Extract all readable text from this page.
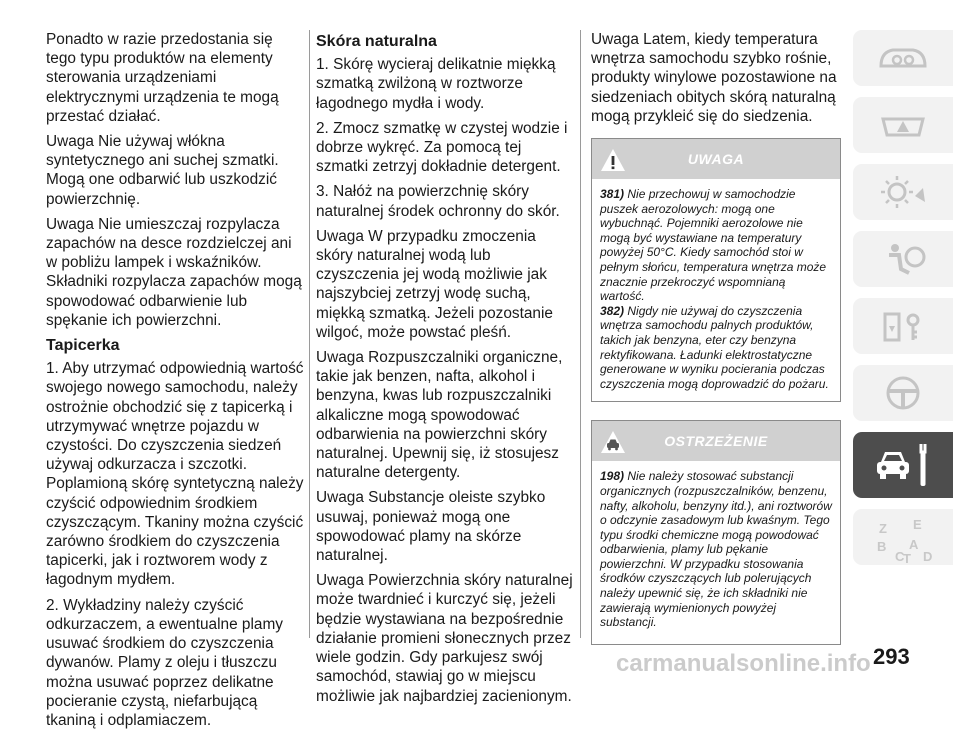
Ponadto w razie przedostania się tego typu produktów na elementy sterowania urządzeniami elektrycznymi urządzenia te mogą przestać działać.

Uwaga Nie używaj włókna syntetycznego ani suchej szmatki. Mogą one odbarwić lub uszkodzić powierzchnię.

Uwaga Nie umieszczaj rozpylacza zapachów na desce rozdzielczej ani w pobliżu lampek i wskaźników. Składniki rozpylacza zapachów mogą spowodować odbarwienie lub spękanie ich powierzchni.

Tapicerka

1. Aby utrzymać odpowiednią wartość swojego nowego samochodu, należy ostrożnie obchodzić się z tapicerką i utrzymywać wnętrze pojazdu w czystości. Do czyszczenia siedzeń używaj odkurzacza i szczotki. Poplamioną skórę syntetyczną należy czyścić odpowiednim środkiem czyszczącym. Tkaniny można czyścić zarówno środkiem do czyszczenia tapicerki, jak i roztworem wody z łagodnym mydłem.

2. Wykładziny należy czyścić odkurzaczem, a ewentualne plamy usuwać środkiem do czyszczenia dywanów. Plamy z oleju i tłuszczu można usuwać poprzez delikatne pocieranie czystą, niefarbującą tkaniną i odplamiaczem.

Skóra naturalna

1. Skórę wycieraj delikatnie miękką szmatką zwilżoną w roztworze łagodnego mydła i wody.

2. Zmocz szmatkę w czystej wodzie i dobrze wykręć. Za pomocą tej szmatki zetrzyj dokładnie detergent.

3. Nałóż na powierzchnię skóry naturalnej środek ochronny do skór.

Uwaga W przypadku zmoczenia skóry naturalnej wodą lub czyszczenia jej wodą możliwie jak najszybciej zetrzyj wodę suchą, miękką szmatką. Jeżeli pozostanie wilgoć, może powstać pleśń.

Uwaga Rozpuszczalniki organiczne, takie jak benzen, nafta, alkohol i benzyna, kwas lub rozpuszczalniki alkaliczne mogą spowodować odbarwienia na powierzchni skóry naturalnej. Upewnij się, iż stosujesz naturalne detergenty.

Uwaga Substancje oleiste szybko usuwaj, ponieważ mogą one spowodować plamy na skórze naturalnej.

Uwaga Powierzchnia skóry naturalnej może twardnieć i kurczyć się, jeżeli będzie wystawiana na bezpośrednie działanie promieni słonecznych przez wiele godzin. Gdy parkujesz swój samochód, stawiaj go w miejscu możliwie jak najbardziej zacienionym.

Uwaga Latem, kiedy temperatura wnętrza samochodu szybko rośnie, produkty winylowe pozostawione na siedzeniach obitych skórą naturalną mogą przykleić się do siedzenia.

UWAGA

381) Nie przechowuj w samochodzie puszek aerozolowych: mogą one wybuchnąć. Pojemniki aerozolowe nie mogą być wystawiane na temperatury powyżej 50°C. Kiedy samochód stoi w pełnym słońcu, temperatura wnętrza może znacznie przekroczyć wspomnianą wartość.

382) Nigdy nie używaj do czyszczenia wnętrza samochodu palnych produktów, takich jak benzyna, eter czy benzyna rektyfikowana. Ładunki elektrostatyczne generowane w wyniku pocierania podczas czyszczenia mogą doprowadzić do pożaru.

OSTRZEŻENIE

198) Nie należy stosować substancji organicznych (rozpuszczalników, benzenu, nafty, alkoholu, benzyny itd.), ani roztworów o odczynie zasadowym lub kwaśnym. Tego typu środki chemiczne mogą powodować odbarwienia, plamy lub pękanie powierzchni. W przypadku stosowania środków czyszczących lub polerujących należy upewnić się, że ich składniki nie zawierają wymienionych powyżej substancji.

Z E
B
C
T
A
D
carmanualsonline.info 293
